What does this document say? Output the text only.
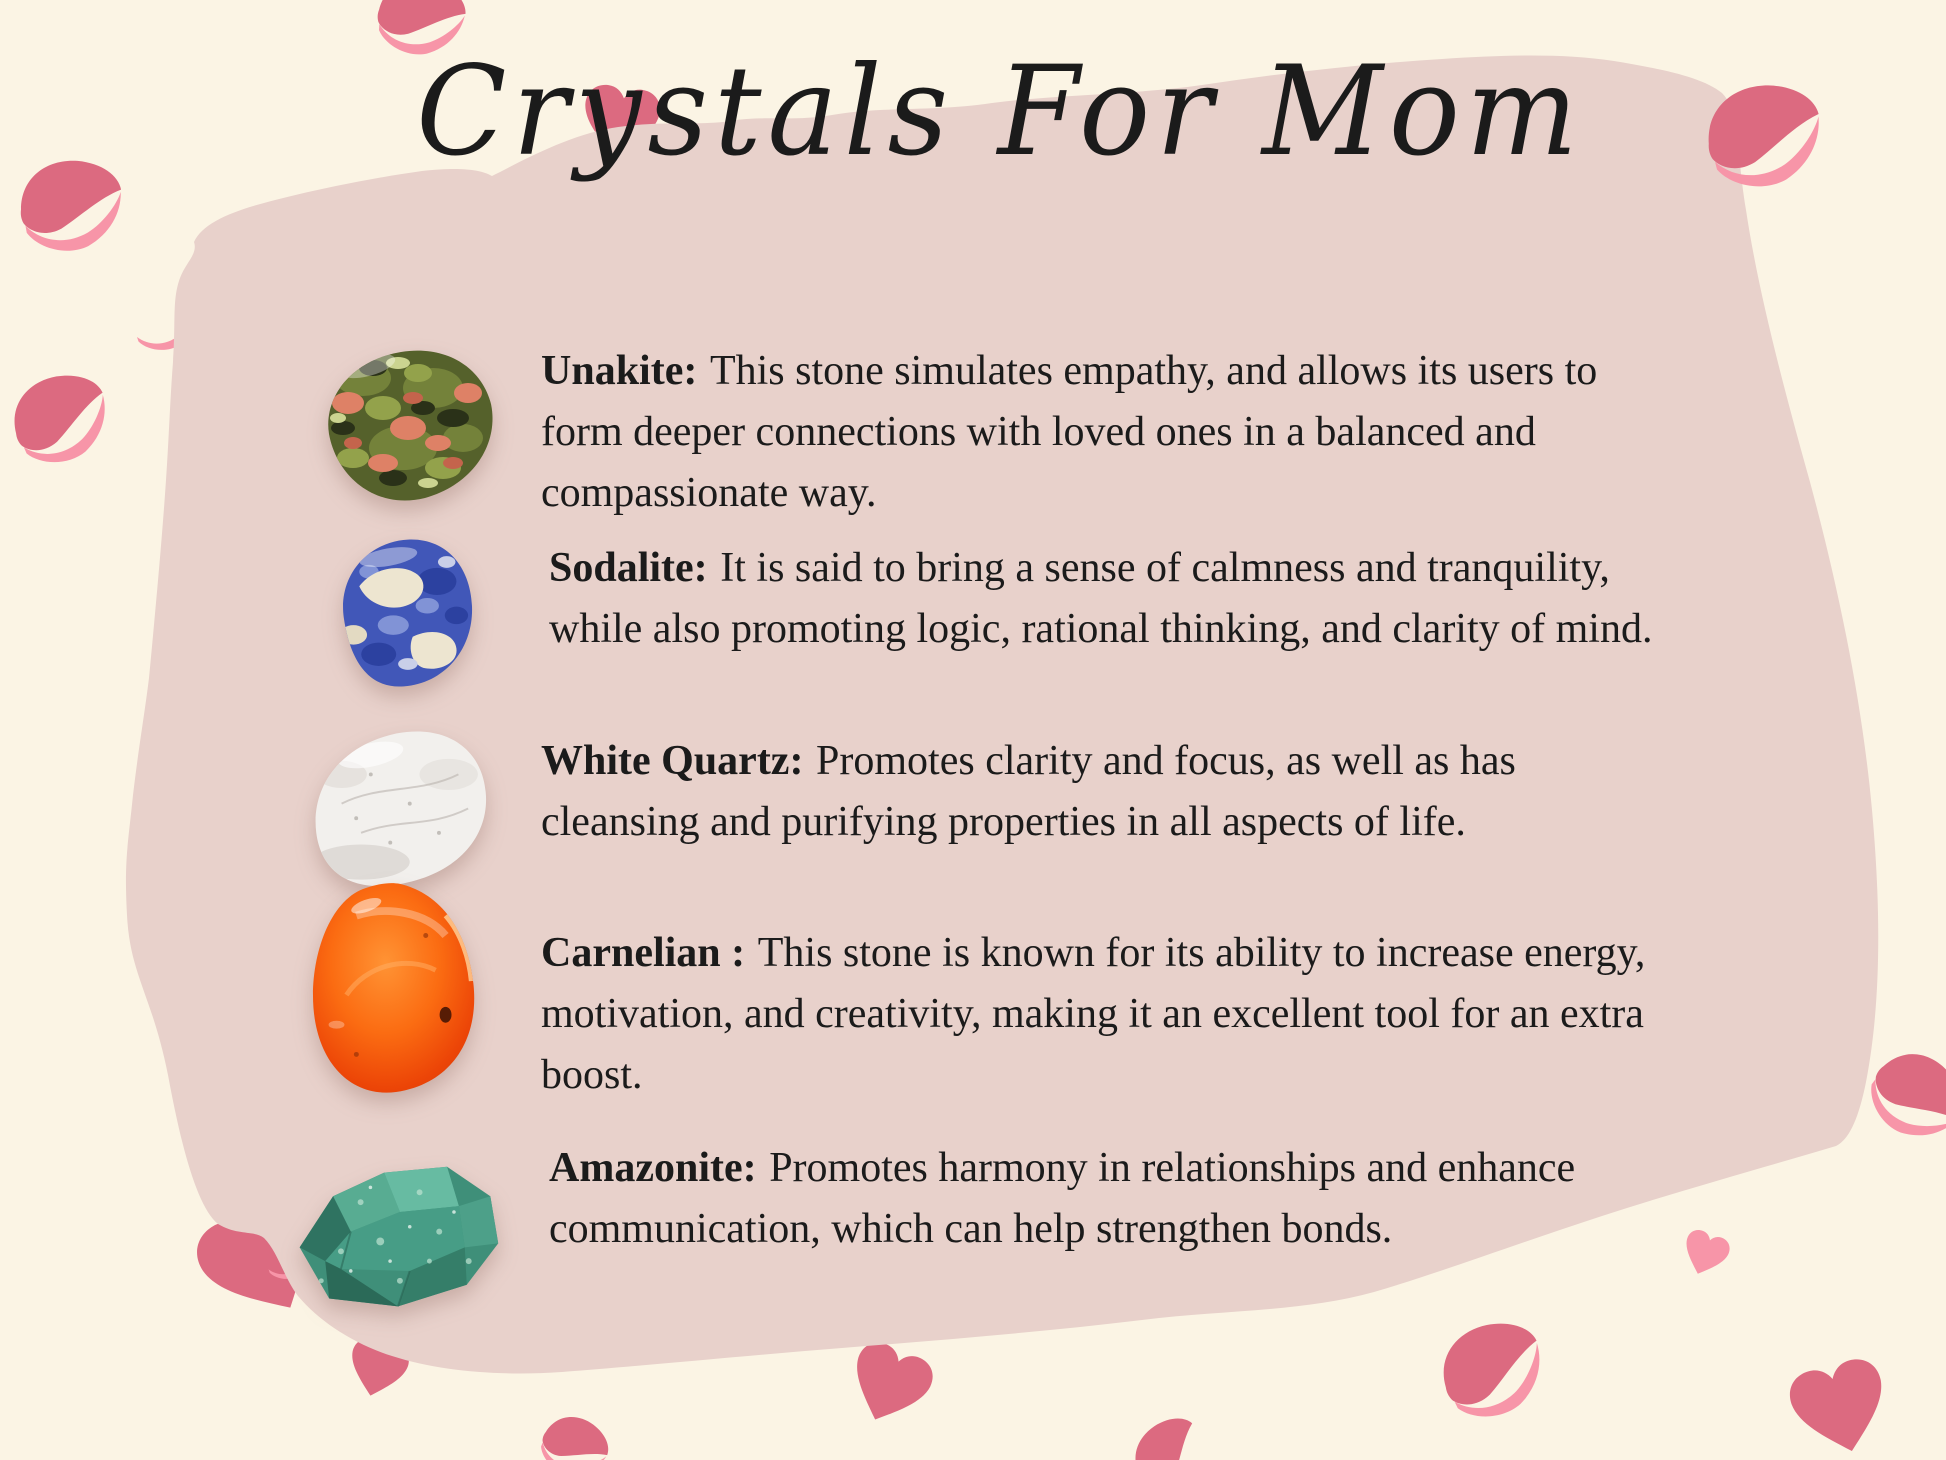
Crystals For Mom
Unakite: This stone simulates empathy, and allows its users to form deeper connections with loved ones in a balanced and compassionate way.
Sodalite: It is said to bring a sense of calmness and tranquility, while also promoting logic, rational thinking, and clarity of mind.
White Quartz: Promotes clarity and focus, as well as has cleansing and purifying properties in all aspects of life.
Carnelian : This stone is known for its ability to increase energy, motivation, and creativity, making it an excellent tool for an extra boost.
Amazonite: Promotes harmony in relationships and enhance communication, which can help strengthen bonds.
